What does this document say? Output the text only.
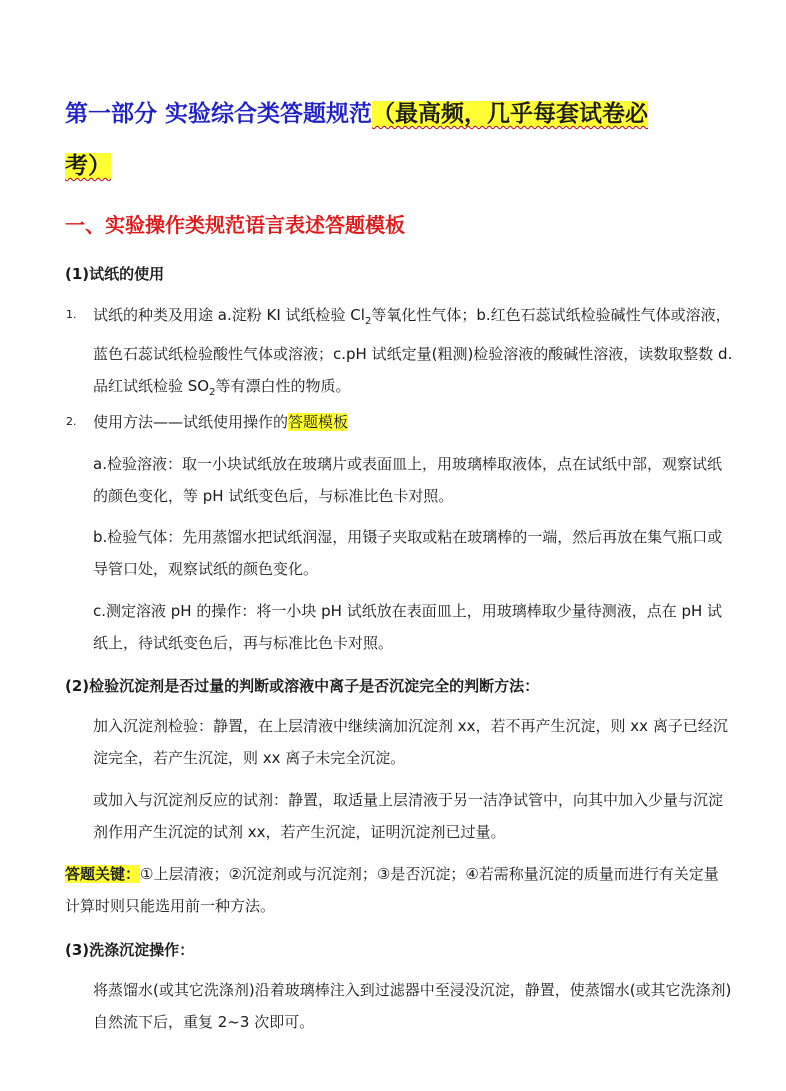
第一部分 实验综合类答题规范（最高频，几乎每套试卷必
考）
一、实验操作类规范语言表述答题模板
(1)试纸的使用
1. 试纸的种类及用途 a.淀粉 KI 试纸检验 $Cl_2$等氧化性气体；b.红色石蕊试纸检验碱性气体或溶液，蓝色石蕊试纸检验酸性气体或溶液；c.pH 试纸定量(粗测)检验溶液的酸碱性溶液，读数取整数 d.品红试纸检验 $SO_2$等有漂白性的物质。
2. 使用方法——试纸使用操作的答题模板
a.检验溶液：取一小块试纸放在玻璃片或表面皿上，用玻璃棒取液体，点在试纸中部，观察试纸的颜色变化，等 pH 试纸变色后，与标准比色卡对照。
b.检验气体：先用蒸馏水把试纸润湿，用镊子夹取或粘在玻璃棒的一端，然后再放在集气瓶口或导管口处，观察试纸的颜色变化。
c.测定溶液 pH 的操作：将一小块 pH 试纸放在表面皿上，用玻璃棒取少量待测液，点在 pH 试纸上，待试纸变色后，再与标准比色卡对照。
(2)检验沉淀剂是否过量的判断或溶液中离子是否沉淀完全的判断方法：
加入沉淀剂检验：静置，在上层清液中继续滴加沉淀剂 xx，若不再产生沉淀，则 xx 离子已经沉淀完全，若产生沉淀，则 xx 离子未完全沉淀。
或加入与沉淀剂反应的试剂：静置，取适量上层清液于另一洁净试管中，向其中加入少量与沉淀剂作用产生沉淀的试剂 xx，若产生沉淀，证明沉淀剂已过量。
答题关键：①上层清液；②沉淀剂或与沉淀剂；③是否沉淀；④若需称量沉淀的质量而进行有关定量计算时则只能选用前一种方法。
(3)洗涤沉淀操作：
将蒸馏水(或其它洗涤剂)沿着玻璃棒注入到过滤器中至浸没沉淀，静置，使蒸馏水(或其它洗涤剂)自然流下后，重复 2~3 次即可。
